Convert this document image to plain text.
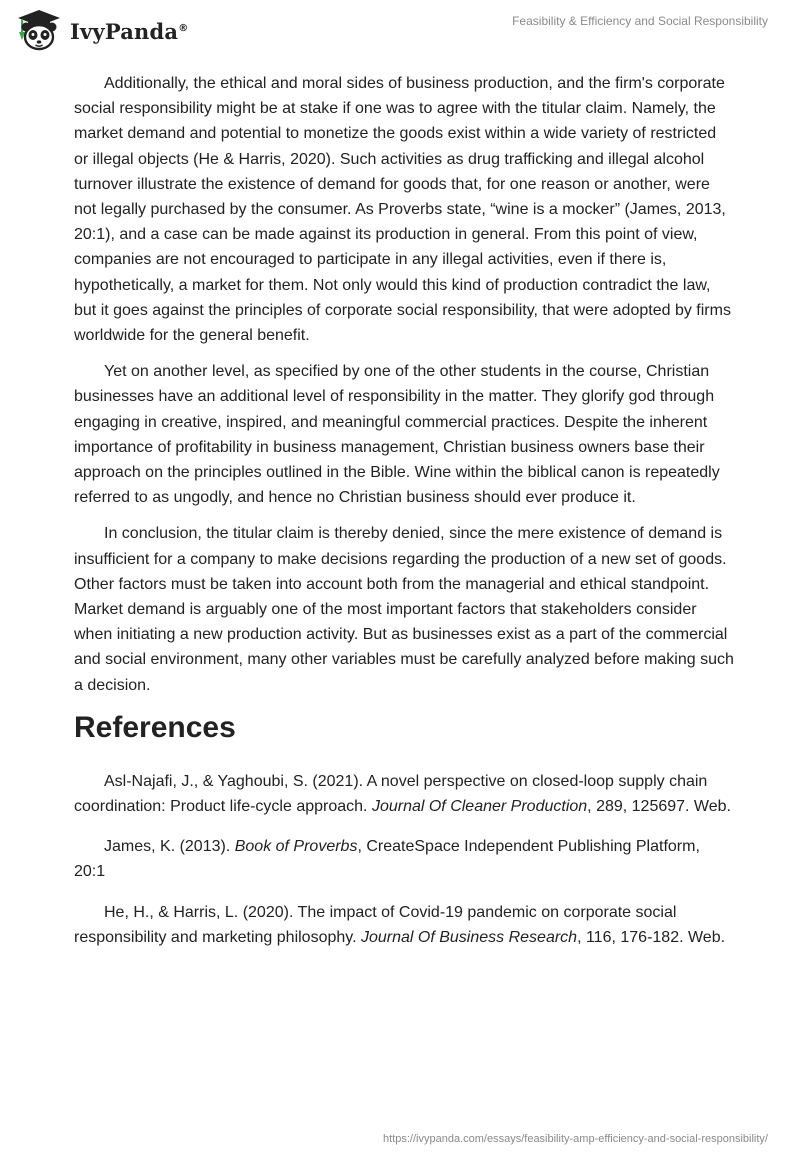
IvyPanda®	Feasibility & Efficiency and Social Responsibility

Additionally, the ethical and moral sides of business production, and the firm's corporate social responsibility might be at stake if one was to agree with the titular claim. Namely, the market demand and potential to monetize the goods exist within a wide variety of restricted or illegal objects (He & Harris, 2020). Such activities as drug trafficking and illegal alcohol turnover illustrate the existence of demand for goods that, for one reason or another, were not legally purchased by the consumer. As Proverbs state, “wine is a mocker” (James, 2013, 20:1), and a case can be made against its production in general. From this point of view, companies are not encouraged to participate in any illegal activities, even if there is, hypothetically, a market for them. Not only would this kind of production contradict the law, but it goes against the principles of corporate social responsibility, that were adopted by firms worldwide for the general benefit.

Yet on another level, as specified by one of the other students in the course, Christian businesses have an additional level of responsibility in the matter. They glorify god through engaging in creative, inspired, and meaningful commercial practices. Despite the inherent importance of profitability in business management, Christian business owners base their approach on the principles outlined in the Bible. Wine within the biblical canon is repeatedly referred to as ungodly, and hence no Christian business should ever produce it.

In conclusion, the titular claim is thereby denied, since the mere existence of demand is insufficient for a company to make decisions regarding the production of a new set of goods. Other factors must be taken into account both from the managerial and ethical standpoint. Market demand is arguably one of the most important factors that stakeholders consider when initiating a new production activity. But as businesses exist as a part of the commercial and social environment, many other variables must be carefully analyzed before making such a decision.

References

Asl-Najafi, J., & Yaghoubi, S. (2021). A novel perspective on closed-loop supply chain coordination: Product life-cycle approach. Journal Of Cleaner Production, 289, 125697. Web.

James, K. (2013). Book of Proverbs, CreateSpace Independent Publishing Platform, 20:1

He, H., & Harris, L. (2020). The impact of Covid-19 pandemic on corporate social responsibility and marketing philosophy. Journal Of Business Research, 116, 176-182. Web.

https://ivypanda.com/essays/feasibility-amp-efficiency-and-social-responsibility/
